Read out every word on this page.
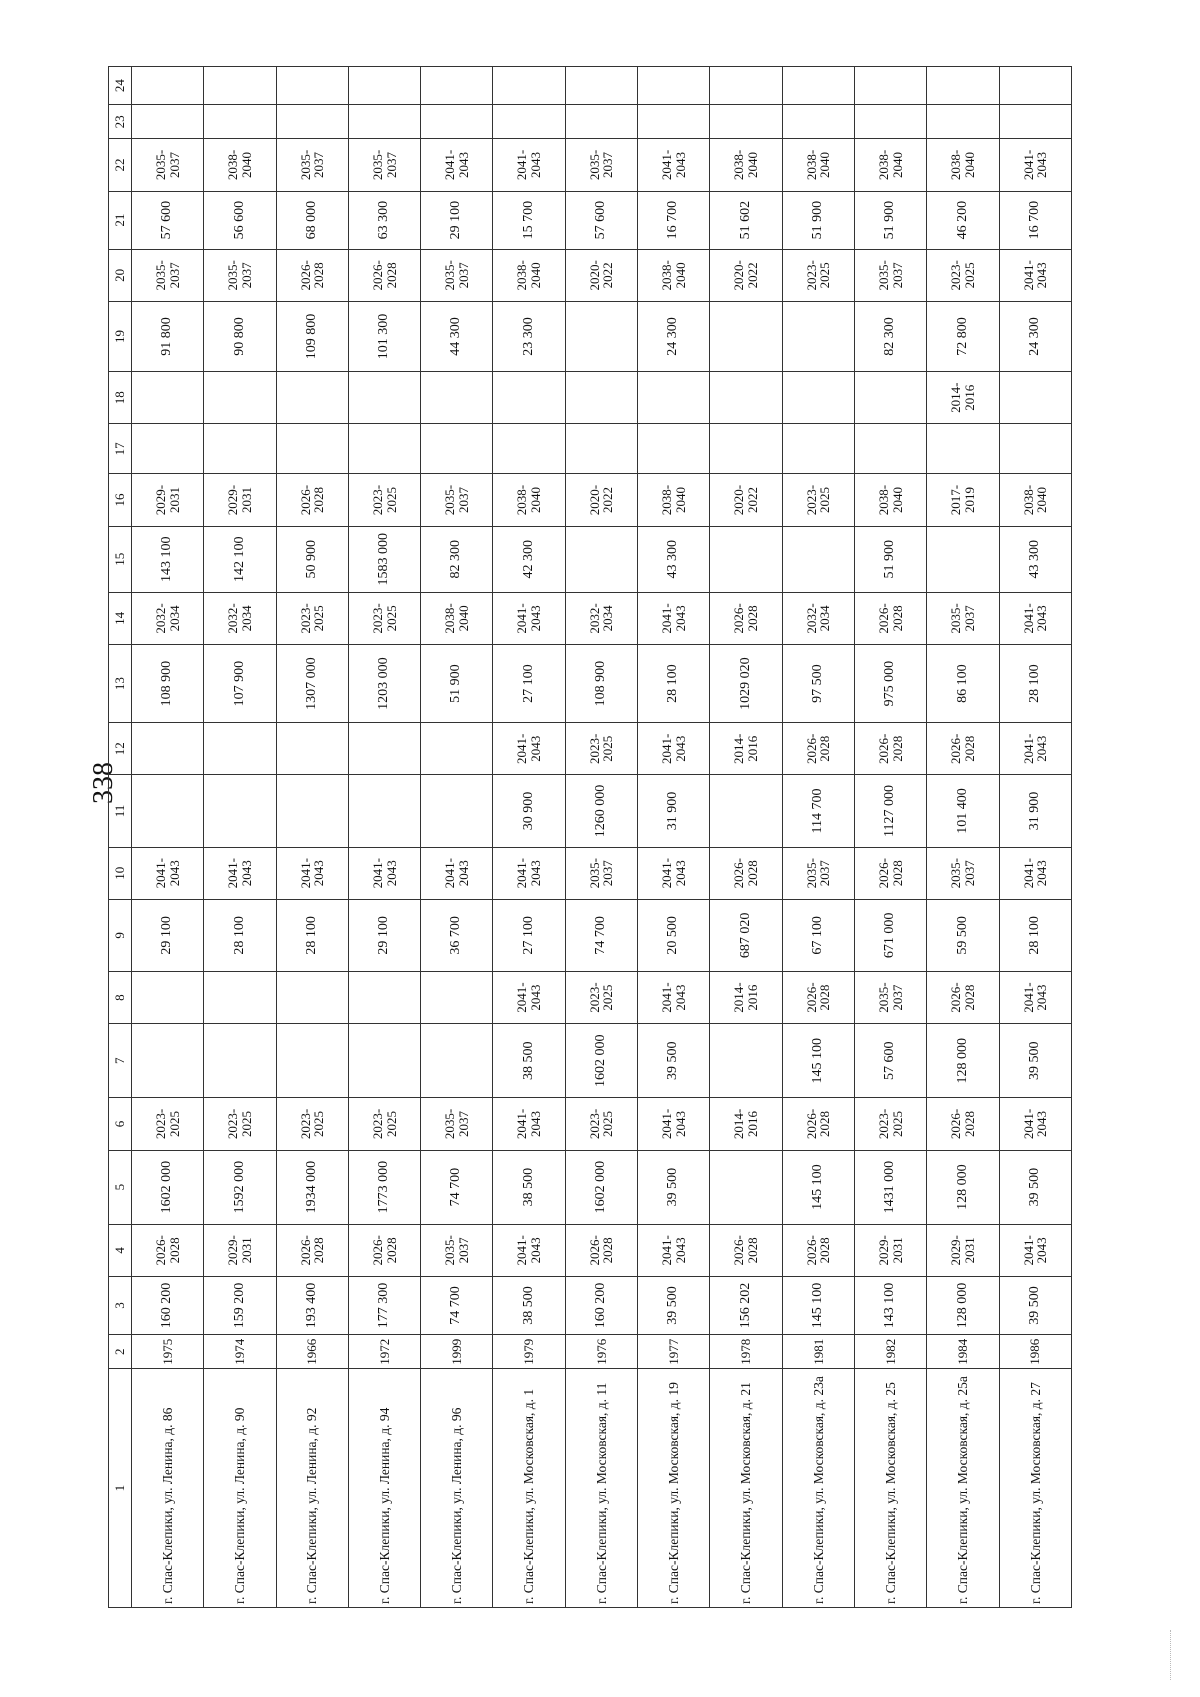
338
1	2	3	4	5	6	7	8	9	10	11	12	13	14	15	16	17	18	19	20	21	22	23	24
г. Спас-Клепики, ул. Ленина, д. 86	1975	160 200	2026-2028	1602 000	2023-2025			29 100	2041-2043			108 900	2032-2034	143 100	2029-2031			91 800	2035-2037	57 600	2035-2037		
г. Спас-Клепики, ул. Ленина, д. 90	1974	159 200	2029-2031	1592 000	2023-2025			28 100	2041-2043			107 900	2032-2034	142 100	2029-2031			90 800	2035-2037	56 600	2038-2040		
г. Спас-Клепики, ул. Ленина, д. 92	1966	193 400	2026-2028	1934 000	2023-2025			28 100	2041-2043			1307 000	2023-2025	50 900	2026-2028			109 800	2026-2028	68 000	2035-2037		
г. Спас-Клепики, ул. Ленина, д. 94	1972	177 300	2026-2028	1773 000	2023-2025			29 100	2041-2043			1203 000	2023-2025	1583 000	2023-2025			101 300	2026-2028	63 300	2035-2037		
г. Спас-Клепики, ул. Ленина, д. 96	1999	74 700	2035-2037	74 700	2035-2037			36 700	2041-2043			51 900	2038-2040	82 300	2035-2037			44 300	2035-2037	29 100	2041-2043		
г. Спас-Клепики, ул. Московская, д. 1	1979	38 500	2041-2043	38 500	2041-2043	38 500	2041-2043	27 100	2041-2043	30 900	2041-2043	27 100	2041-2043	42 300	2038-2040			23 300	2038-2040	15 700	2041-2043		
г. Спас-Клепики, ул. Московская, д. 11	1976	160 200	2026-2028	1602 000	2023-2025	1602 000	2023-2025	74 700	2035-2037	1260 000	2023-2025	108 900	2032-2034		2020-2022				2020-2022	57 600	2035-2037		
г. Спас-Клепики, ул. Московская, д. 19	1977	39 500	2041-2043	39 500	2041-2043	39 500	2041-2043	20 500	2041-2043	31 900	2041-2043	28 100	2041-2043	43 300	2038-2040			24 300	2038-2040	16 700	2041-2043		
г. Спас-Клепики, ул. Московская, д. 21	1978	156 202	2026-2028		2014-2016		2014-2016	687 020	2026-2028		2014-2016	1029 020	2026-2028		2020-2022				2020-2022	51 602	2038-2040		
г. Спас-Клепики, ул. Московская, д. 23а	1981	145 100	2026-2028	145 100	2026-2028	145 100	2026-2028	67 100	2035-2037	114 700	2026-2028	97 500	2032-2034		2023-2025				2023-2025	51 900	2038-2040		
г. Спас-Клепики, ул. Московская, д. 25	1982	143 100	2029-2031	1431 000	2023-2025	57 600	2035-2037	671 000	2026-2028	1127 000	2026-2028	975 000	2026-2028	51 900	2038-2040			82 300	2035-2037	51 900	2038-2040		
г. Спас-Клепики, ул. Московская, д. 25а	1984	128 000	2029-2031	128 000	2026-2028	128 000	2026-2028	59 500	2035-2037	101 400	2026-2028	86 100	2035-2037		2017-2019		2014-2016	72 800	2023-2025	46 200	2038-2040		
г. Спас-Клепики, ул. Московская, д. 27	1986	39 500	2041-2043	39 500	2041-2043	39 500	2041-2043	28 100	2041-2043	31 900	2041-2043	28 100	2041-2043	43 300	2038-2040			24 300	2041-2043	16 700	2041-2043		
